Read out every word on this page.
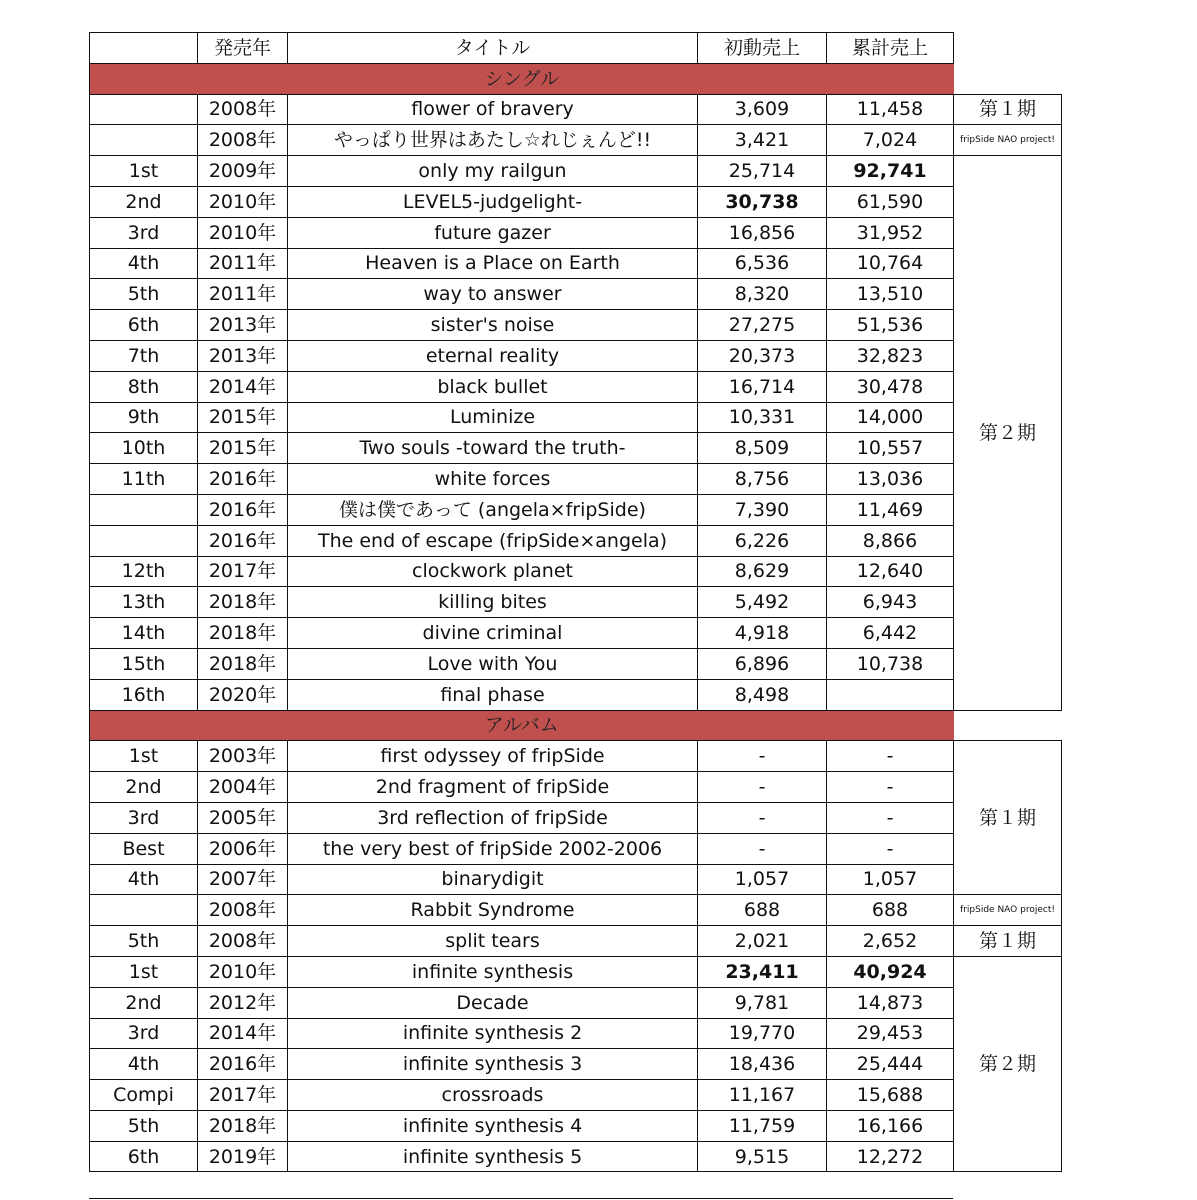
	発売年	タイトル	初動売上	累計売上	
シングル					
	2008年	flower of bravery	3,609	11,458	第１期
	2008年	やっぱり世界はあたし☆れじぇんど!!	3,421	7,024	fripSide NAO project!
1st	2009年	only my railgun	25,714	92,741	第２期
2nd	2010年	LEVEL5-judgelight-	30,738	61,590	
3rd	2010年	future gazer	16,856	31,952	
4th	2011年	Heaven is a Place on Earth	6,536	10,764	
5th	2011年	way to answer	8,320	13,510	
6th	2013年	sister's noise	27,275	51,536	
7th	2013年	eternal reality	20,373	32,823	
8th	2014年	black bullet	16,714	30,478	
9th	2015年	Luminize	10,331	14,000	
10th	2015年	Two souls -toward the truth-	8,509	10,557	
11th	2016年	white forces	8,756	13,036	
	2016年	僕は僕であって (angela×fripSide)	7,390	11,469	
	2016年	The end of escape (fripSide×angela)	6,226	8,866	
12th	2017年	clockwork planet	8,629	12,640	
13th	2018年	killing bites	5,492	6,943	
14th	2018年	divine criminal	4,918	6,442	
15th	2018年	Love with You	6,896	10,738	
16th	2020年	final phase	8,498		
アルバム					
1st	2003年	first odyssey of fripSide	-	-	第１期
2nd	2004年	2nd fragment of fripSide	-	-	
3rd	2005年	3rd reflection of fripSide	-	-	
Best	2006年	the very best of fripSide 2002-2006	-	-	
4th	2007年	binarydigit	1,057	1,057	
	2008年	Rabbit Syndrome	688	688	fripSide NAO project!
5th	2008年	split tears	2,021	2,652	第１期
1st	2010年	infinite synthesis	23,411	40,924	第２期
2nd	2012年	Decade	9,781	14,873	
3rd	2014年	infinite synthesis 2	19,770	29,453	
4th	2016年	infinite synthesis 3	18,436	25,444	
Compi	2017年	crossroads	11,167	15,688	
5th	2018年	infinite synthesis 4	11,759	16,166	
6th	2019年	infinite synthesis 5	9,515	12,272	
